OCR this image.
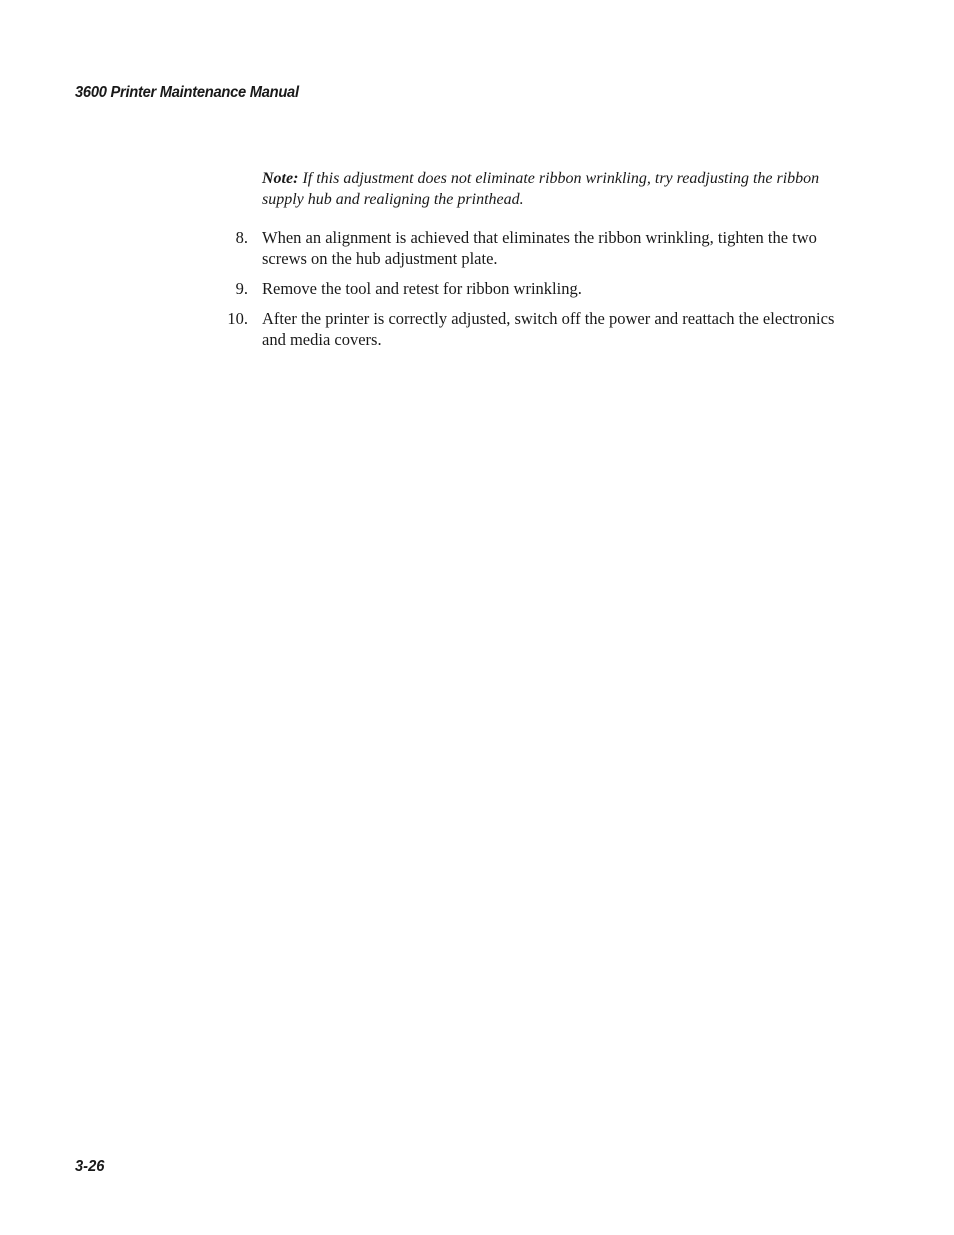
3600 Printer Maintenance Manual

Note: If this adjustment does not eliminate ribbon wrinkling, try readjusting the ribbon supply hub and realigning the printhead.

8. When an alignment is achieved that eliminates the ribbon wrinkling, tighten the two screws on the hub adjustment plate.
9. Remove the tool and retest for ribbon wrinkling.
10. After the printer is correctly adjusted, switch off the power and reattach the electronics and media covers.
3-26
